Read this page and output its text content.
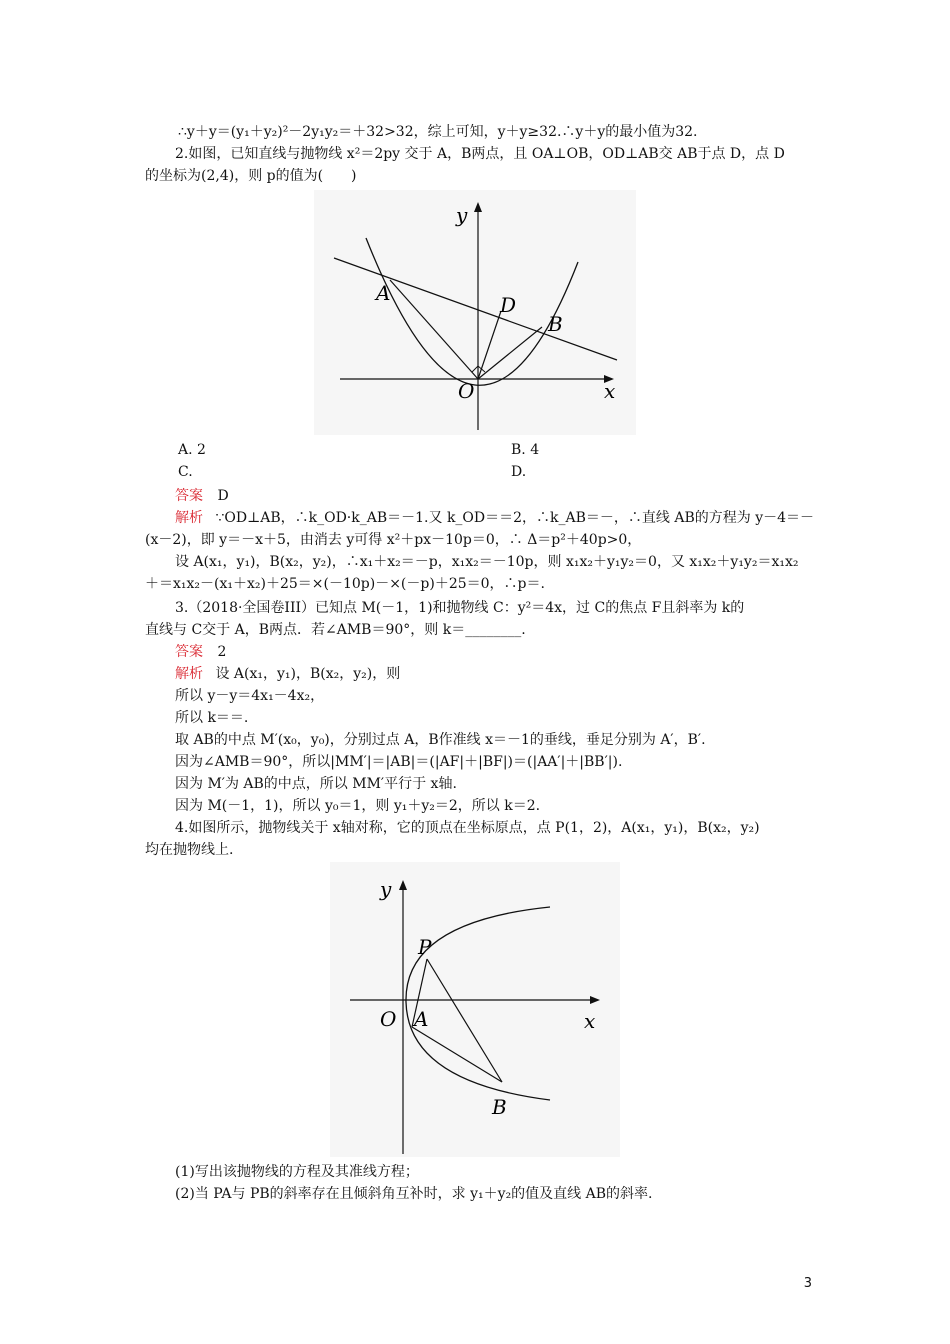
∴y＋y＝(y₁＋y₂)²－2y₁y₂＝＋32>32，综上可知，y＋y≥32.∴y＋y的最小值为32.
2.如图，已知直线与抛物线 x²＝2py 交于 A，B两点，且 OA⊥OB，OD⊥AB交 AB于点 D，点 D
的坐标为(2,4)，则 p的值为(　　)
y
x
O
A	D
B
A. 2	B. 4
C.	D.
答案 D
解析 ∵OD⊥AB，∴k_OD·k_AB＝－1.又 k_OD＝＝2，∴k_AB＝－，∴直线 AB的方程为 y－4＝－
(x－2)，即 y＝－x＋5，由消去 y可得 x²＋px－10p＝0，∴ Δ＝p²＋40p>0，
设 A(x₁，y₁)，B(x₂，y₂)，∴x₁＋x₂＝－p，x₁x₂＝－10p，则 x₁x₂＋y₁y₂＝0，又 x₁x₂＋y₁y₂＝x₁x₂
＋＝x₁x₂－(x₁＋x₂)＋25＝×(－10p)－×(－p)＋25＝0，∴p＝.
3.（2018·全国卷III）已知点 M(－1，1)和抛物线 C：y²＝4x，过 C的焦点 F且斜率为 k的
直线与 C交于 A，B两点．若∠AMB＝90°，则 k＝________.
答案 2
解析 设 A(x₁，y₁)，B(x₂，y₂)，则
所以 y－y＝4x₁－4x₂，
所以 k＝＝.
取 AB的中点 M′(x₀，y₀)，分别过点 A，B作准线 x＝－1的垂线，垂足分别为 A′，B′.
因为∠AMB＝90°，所以|MM′|＝|AB|＝(|AF|＋|BF|)＝(|AA′|＋|BB′|).
因为 M′为 AB的中点，所以 MM′平行于 x轴.
因为 M(－1，1)，所以 y₀＝1，则 y₁＋y₂＝2，所以 k＝2.
4.如图所示，抛物线关于 x轴对称，它的顶点在坐标原点，点 P(1，2)，A(x₁，y₁)，B(x₂，y₂)
均在抛物线上.
y
x
O A
P
B
(1)写出该抛物线的方程及其准线方程；
(2)当 PA与 PB的斜率存在且倾斜角互补时，求 y₁＋y₂的值及直线 AB的斜率.
3
